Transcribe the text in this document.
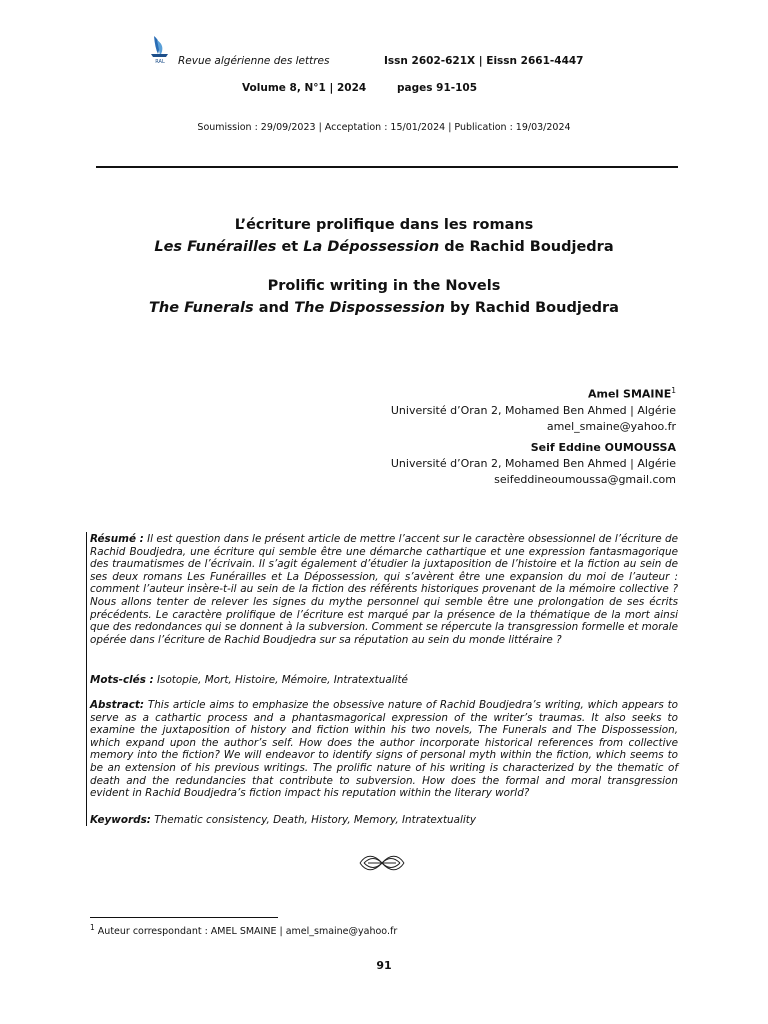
RAL Revue algérienne des lettres	Issn 2602-621X | Eissn 2661-4447
Volume 8, N°1 | 2024	pages 91-105
Soumission : 29/09/2023 | Acceptation : 15/01/2024 | Publication : 19/03/2024
L’écriture prolifique dans les romans
Les Funérailles et La Dépossession de Rachid Boudjedra
Prolific writing in the Novels
The Funerals and The Dispossession by Rachid Boudjedra
Amel SMAINE$^1$
Université d’Oran 2, Mohamed Ben Ahmed | Algérie
amel_smaine@yahoo.fr
Seif Eddine OUMOUSSA
Université d’Oran 2, Mohamed Ben Ahmed | Algérie
seifeddineoumoussa@gmail.com
Résumé : Il est question dans le présent article de mettre l’accent sur le caractère obsessionnel de l’écriture de Rachid Boudjedra, une écriture qui semble être une démarche cathartique et une expression fantasmagorique des traumatismes de l’écrivain. Il s’agit également d’étudier la juxtaposition de l’histoire et la fiction au sein de ses deux romans Les Funérailles et La Dépossession, qui s’avèrent être une expansion du moi de l’auteur : comment l’auteur insère-t-il au sein de la fiction des référents historiques provenant de la mémoire collective ? Nous allons tenter de relever les signes du mythe personnel qui semble être une prolongation de ses écrits précédents. Le caractère prolifique de l’écriture est marqué par la présence de la thématique de la mort ainsi que des redondances qui se donnent à la subversion. Comment se répercute la transgression formelle et morale opérée dans l’écriture de Rachid Boudjedra sur sa réputation au sein du monde littéraire ?
Mots-clés : Isotopie, Mort, Histoire, Mémoire, Intratextualité
Abstract: This article aims to emphasize the obsessive nature of Rachid Boudjedra’s writing, which appears to serve as a cathartic process and a phantasmagorical expression of the writer’s traumas. It also seeks to examine the juxtaposition of history and fiction within his two novels, The Funerals and The Dispossession, which expand upon the author’s self. How does the author incorporate historical references from collective memory into the fiction? We will endeavor to identify signs of personal myth within the fiction, which seems to be an extension of his previous writings. The prolific nature of his writing is characterized by the thematic of death and the redundancies that contribute to subversion. How does the formal and moral transgression evident in Rachid Boudjedra’s fiction impact his reputation within the literary world?
Keywords: Thematic consistency, Death, History, Memory, Intratextuality
$^1$ Auteur correspondant : AMEL SMAINE | amel_smaine@yahoo.fr
91
